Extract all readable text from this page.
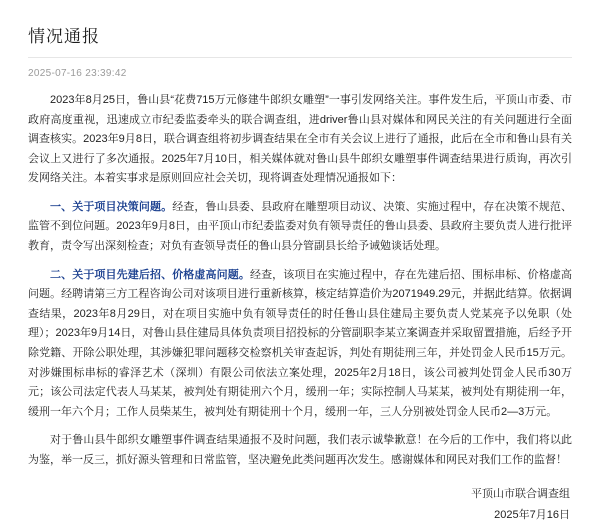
情况通报
2025-07-16 23:39:42

2023年8月25日，鲁山县“花费715万元修建牛郎织女雕塑”一事引发网络关注。事件发生后，平顶山市委、市政府高度重视，迅速成立市纪委监委牵头的联合调查组，进driver鲁山县对媒体和网民关注的有关问题进行全面调查核实。2023年9月8日，联合调查组将初步调查结果在全市有关会议上进行了通报，此后在全市和鲁山县有关会议上又进行了多次通报。2025年7月10日，相关媒体就对鲁山县牛郎织女雕塑事件调查结果进行质询，再次引发网络关注。本着实事求是原则回应社会关切，现将调查处理情况通报如下：

一、关于项目决策问题。经查，鲁山县委、县政府在雕塑项目动议、决策、实施过程中，存在决策不规范、监管不到位问题。2023年9月8日，由平顶山市纪委监委对负有领导责任的鲁山县委、县政府主要负责人进行批评教育，责令写出深刻检查；对负有查领导责任的鲁山县分管副县长给予诫勉谈话处理。

二、关于项目先建后招、价格虚高问题。经查，该项目在实施过程中，存在先建后招、围标串标、价格虚高问题。经聘请第三方工程咨询公司对该项目进行重新核算，核定结算造价为2071949.29元，并据此结算。依据调查结果，2023年8月29日，对在项目实施中负有领导责任的时任鲁山县住建局主要负责人党某亮予以免职（处理）；2023年9月14日，对鲁山县住建局具体负责项目招投标的分管副职李某立案调查并采取留置措施，后经予开除党籍、开除公职处理，其涉嫌犯罪问题移交检察机关审查起诉，判处有期徒刑三年，并处罚金人民币15万元。对涉嫌围标串标的睿泽艺术（深圳）有限公司依法立案处理，2025年2月18日，该公司被判处罚金人民币30万元；该公司法定代表人马某某，被判处有期徒刑六个月，缓刑一年；实际控制人马某某，被判处有期徒刑一年，缓刑一年六个月；工作人员柴某生，被判处有期徒刑十个月，缓刑一年，三人分别被处罚金人民币2—3万元。

对于鲁山县牛郎织女雕塑事件调查结果通报不及时问题，我们表示诚挚歉意！在今后的工作中，我们将以此为鉴，举一反三，抓好源头管理和日常监管，坚决避免此类问题再次发生。感谢媒体和网民对我们工作的监督！

平顶山市联合调查组
2025年7月16日
